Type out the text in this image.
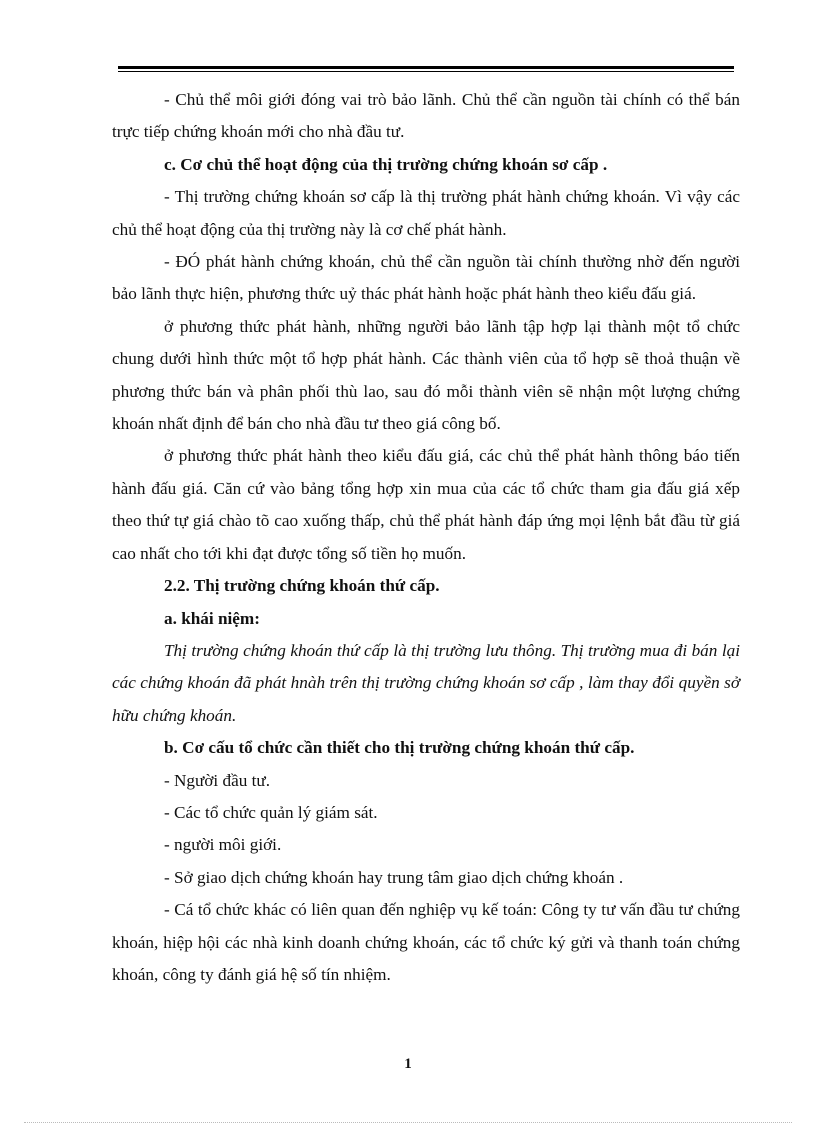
- Chủ thể môi giới đóng vai trò bảo lãnh. Chủ thể cần nguồn tài chính có thể bán trực tiếp chứng khoán mới cho nhà đầu tư.

c. Cơ chủ thể hoạt động của thị trường chứng khoán sơ cấp .

- Thị trường chứng khoán sơ cấp là thị trường phát hành chứng khoán. Vì vậy các chủ thể hoạt động của thị trường này là cơ chế phát hành.

- ĐÓ phát hành chứng khoán, chủ thể cần nguồn tài chính thường nhờ đến người bảo lãnh thực hiện, phương thức uỷ thác phát hành hoặc phát hành theo kiểu đấu giá.

ở phương thức phát hành, những người bảo lãnh tập hợp lại thành một tổ chức chung dưới hình thức một tổ hợp phát hành. Các thành viên của tổ hợp sẽ thoả thuận về phương thức bán và phân phối thù lao, sau đó mỗi thành viên sẽ nhận một lượng chứng khoán nhất định để bán cho nhà đầu tư theo giá công bố.

ở phương thức phát hành theo kiểu đấu giá, các chủ thể phát hành thông báo tiến hành đấu giá. Căn cứ vào bảng tổng hợp xin mua của các tổ chức tham gia đấu giá xếp theo thứ tự giá chào tõ cao xuống thấp, chủ thể phát hành đáp ứng mọi lệnh bắt đầu từ giá cao nhất cho tới khi đạt được tổng số tiền họ muốn.

2.2. Thị trường chứng khoán thứ cấp.

a. khái niệm:

Thị trường chứng khoán thứ cấp là thị trường lưu thông. Thị trường mua đi bán lại các chứng khoán đã phát hnàh trên thị trường chứng khoán sơ cấp , làm thay đổi quyền sở hữu chứng khoán.

b. Cơ cấu tổ chức cần thiết cho thị trường chứng khoán thứ cấp.

- Người đầu tư.

- Các tổ chức quản lý giám sát.

- người môi giới.

- Sở giao dịch chứng khoán hay trung tâm giao dịch chứng khoán .

- Cá tổ chức khác có liên quan đến nghiệp vụ kế toán: Công ty tư vấn đầu tư chứng khoán, hiệp hội các nhà kinh doanh chứng khoán, các tổ chức ký gửi và thanh toán chứng khoán, công ty đánh giá hệ số tín nhiệm.

1
